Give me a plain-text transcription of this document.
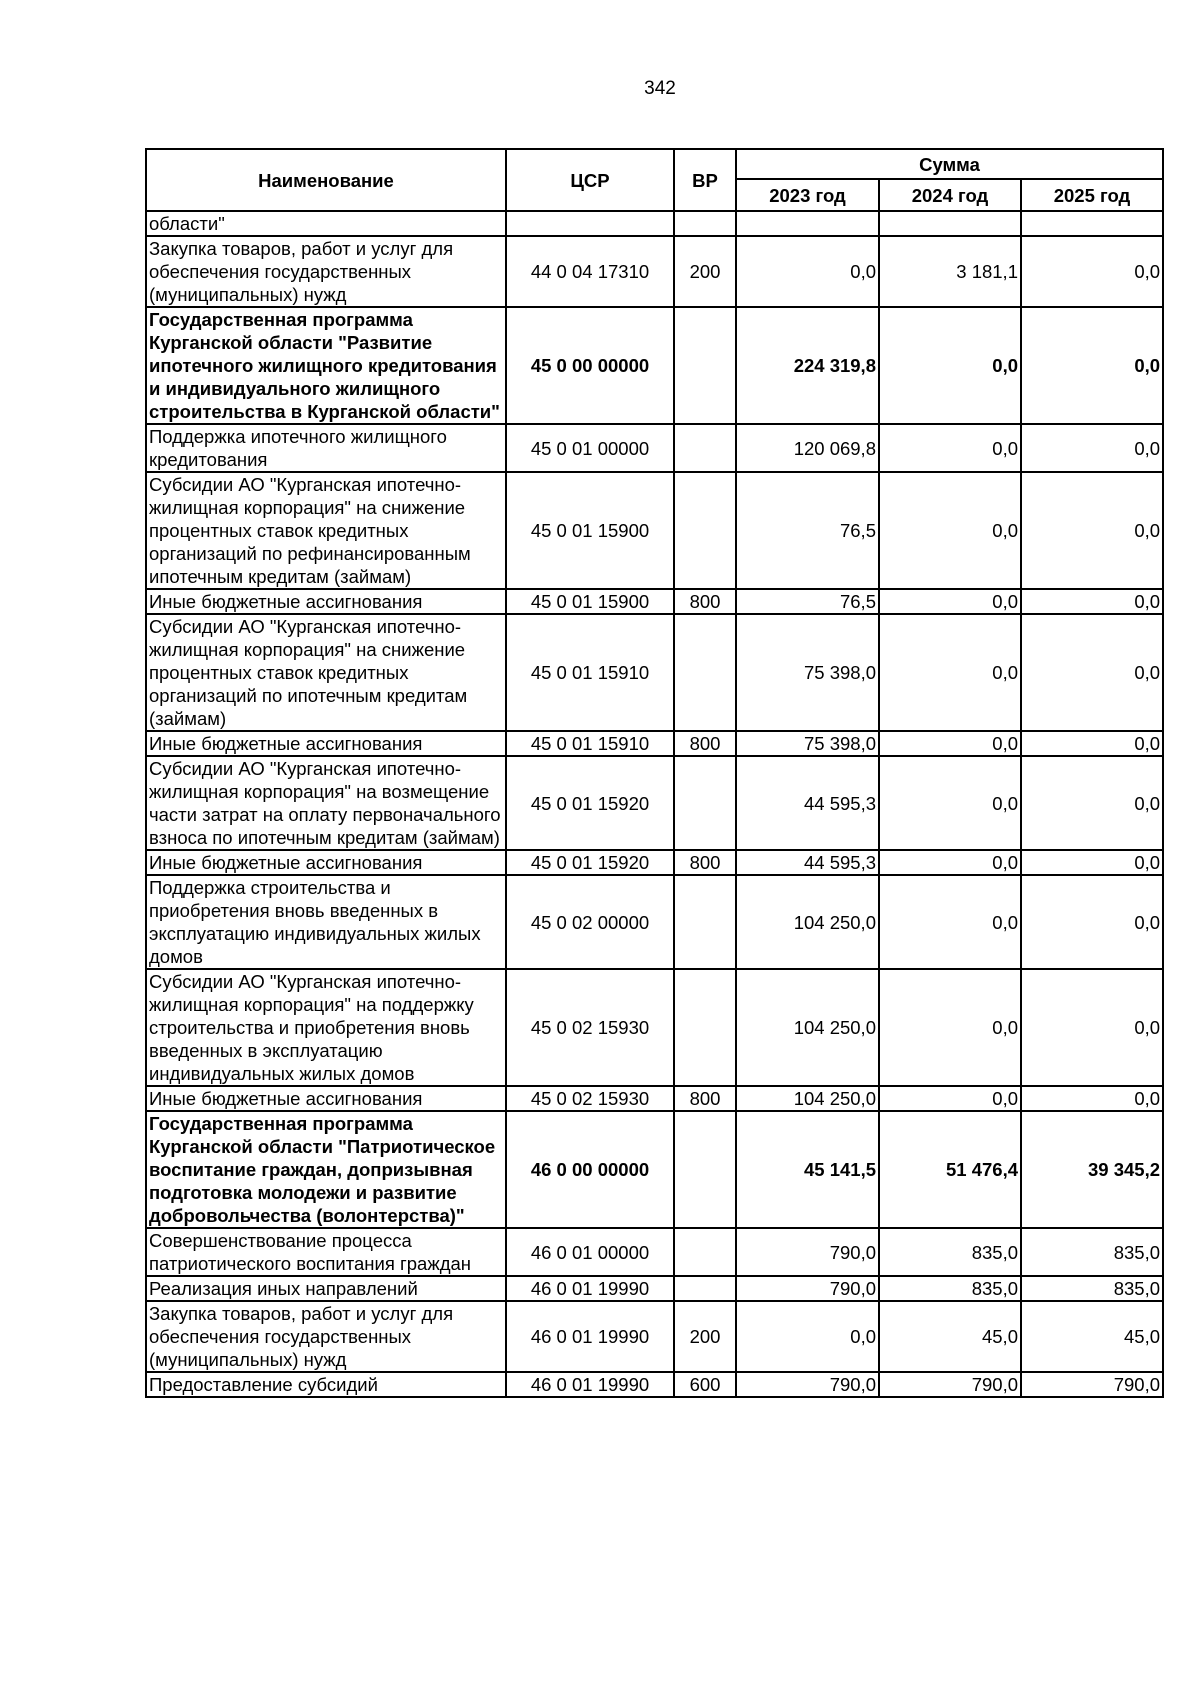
342
Наименование	ЦСР	ВР	Сумма		
			2023 год	2024 год	2025 год
области"					
Закупка товаров, работ и услуг для обеспечения государственных (муниципальных) нужд	44 0 04 17310	200	0,0	3 181,1	0,0
Государственная программа Курганской области "Развитие ипотечного жилищного кредитования и индивидуального жилищного строительства в Курганской области"	45 0 00 00000		224 319,8	0,0	0,0
Поддержка ипотечного жилищного кредитования	45 0 01 00000		120 069,8	0,0	0,0
Субсидии АО "Курганская ипотечно-жилищная корпорация" на снижение процентных ставок кредитных организаций по рефинансированным ипотечным кредитам (займам)	45 0 01 15900		76,5	0,0	0,0
Иные бюджетные ассигнования	45 0 01 15900	800	76,5	0,0	0,0
Субсидии АО "Курганская ипотечно-жилищная корпорация" на снижение процентных ставок кредитных организаций по ипотечным кредитам (займам)	45 0 01 15910		75 398,0	0,0	0,0
Иные бюджетные ассигнования	45 0 01 15910	800	75 398,0	0,0	0,0
Субсидии АО "Курганская ипотечно-жилищная корпорация" на возмещение части затрат на оплату первоначального взноса по ипотечным кредитам (займам)	45 0 01 15920		44 595,3	0,0	0,0
Иные бюджетные ассигнования	45 0 01 15920	800	44 595,3	0,0	0,0
Поддержка строительства и приобретения вновь введенных в эксплуатацию индивидуальных жилых домов	45 0 02 00000		104 250,0	0,0	0,0
Субсидии АО "Курганская ипотечно-жилищная корпорация" на поддержку строительства и приобретения вновь введенных в эксплуатацию индивидуальных жилых домов	45 0 02 15930		104 250,0	0,0	0,0
Иные бюджетные ассигнования	45 0 02 15930	800	104 250,0	0,0	0,0
Государственная программа Курганской области "Патриотическое воспитание граждан, допризывная подготовка молодежи и развитие добровольчества (волонтерства)"	46 0 00 00000		45 141,5	51 476,4	39 345,2
Совершенствование процесса патриотического воспитания граждан	46 0 01 00000		790,0	835,0	835,0
Реализация иных направлений	46 0 01 19990		790,0	835,0	835,0
Закупка товаров, работ и услуг для обеспечения государственных (муниципальных) нужд	46 0 01 19990	200	0,0	45,0	45,0
Предоставление субсидий	46 0 01 19990	600	790,0	790,0	790,0
